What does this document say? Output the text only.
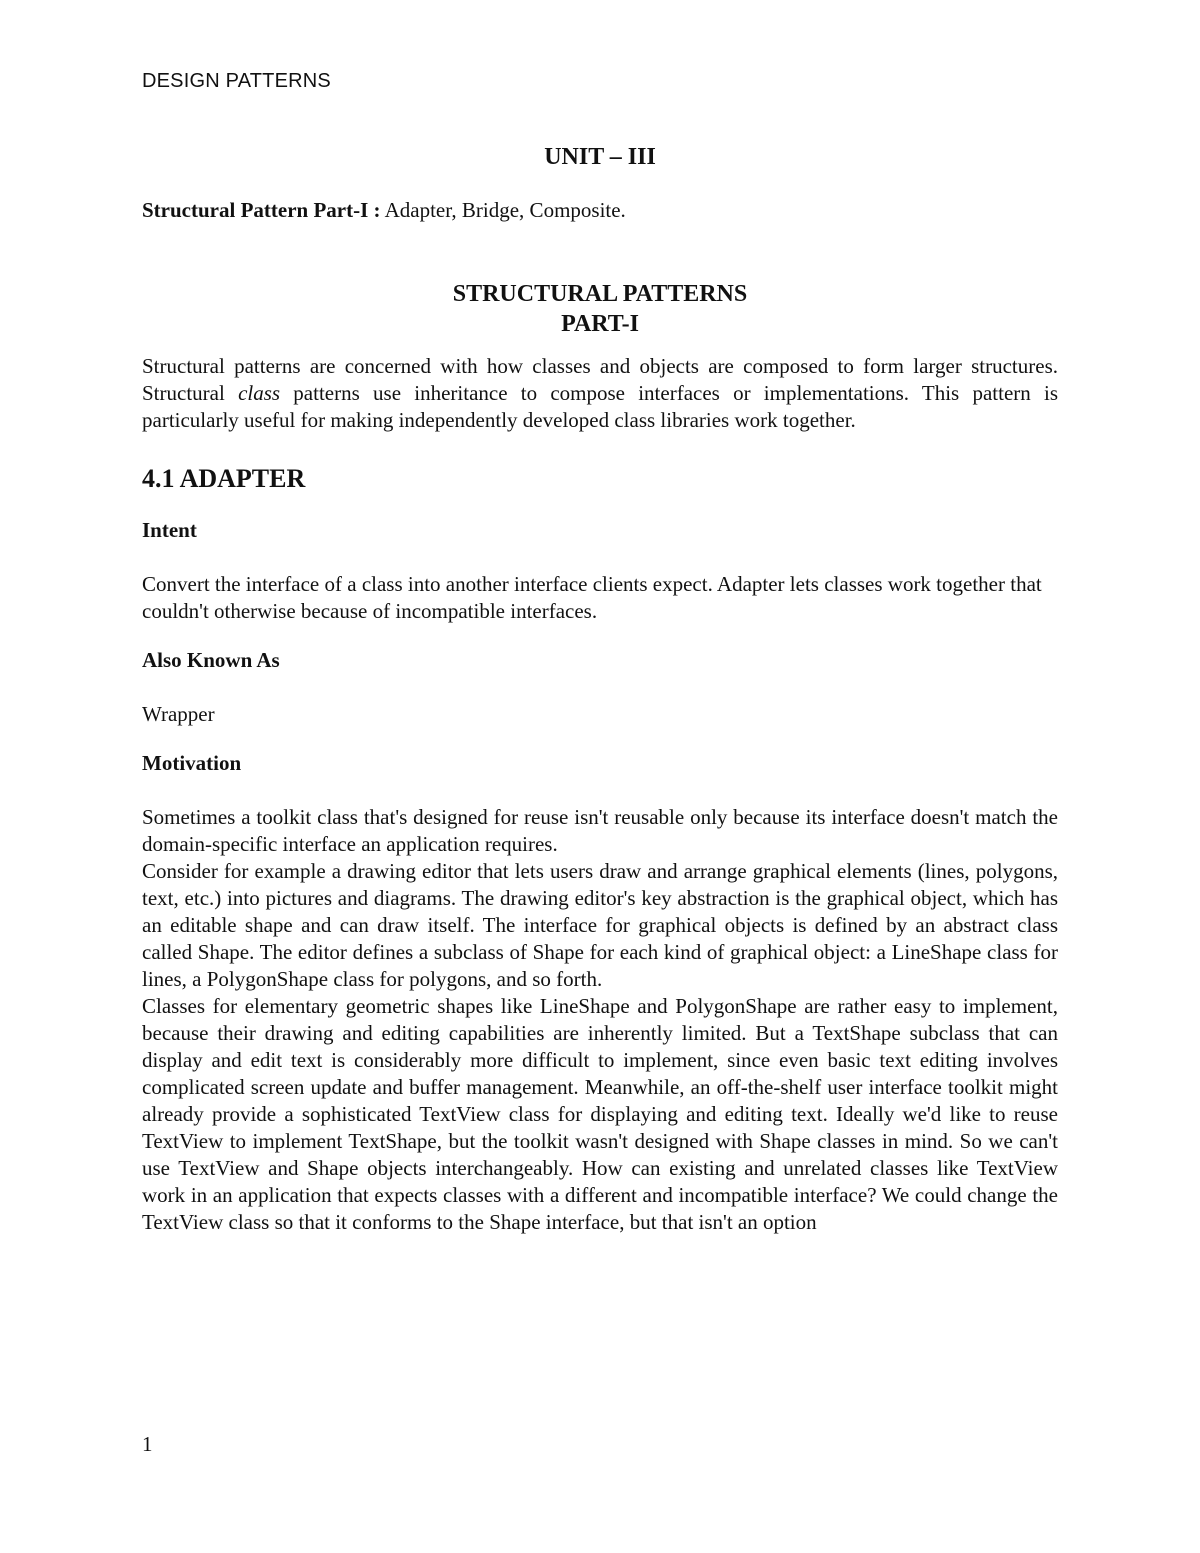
DESIGN PATTERNS

UNIT – III

Structural Pattern Part-I : Adapter, Bridge, Composite.

STRUCTURAL PATTERNS
PART-I

Structural patterns are concerned with how classes and objects are composed to form larger structures. Structural class patterns use inheritance to compose interfaces or implementations. This pattern is particularly useful for making independently developed class libraries work together.

4.1 ADAPTER

Intent

Convert the interface of a class into another interface clients expect. Adapter lets classes work together that couldn't otherwise because of incompatible interfaces.

Also Known As

Wrapper

Motivation

Sometimes a toolkit class that's designed for reuse isn't reusable only because its interface doesn't match the domain-specific interface an application requires.

Consider for example a drawing editor that lets users draw and arrange graphical elements (lines, polygons, text, etc.) into pictures and diagrams. The drawing editor's key abstraction is the graphical object, which has an editable shape and can draw itself. The interface for graphical objects is defined by an abstract class called Shape. The editor defines a subclass of Shape for each kind of graphical object: a LineShape class for lines, a PolygonShape class for polygons, and so forth.

Classes for elementary geometric shapes like LineShape and PolygonShape are rather easy to implement, because their drawing and editing capabilities are inherently limited. But a TextShape subclass that can display and edit text is considerably more difficult to implement, since even basic text editing involves complicated screen update and buffer management. Meanwhile, an off-the-shelf user interface toolkit might already provide a sophisticated TextView class for displaying and editing text. Ideally we'd like to reuse TextView to implement TextShape, but the toolkit wasn't designed with Shape classes in mind. So we can't use TextView and Shape objects interchangeably. How can existing and unrelated classes like TextView work in an application that expects classes with a different and incompatible interface? We could change the TextView class so that it conforms to the Shape interface, but that isn't an option

1
